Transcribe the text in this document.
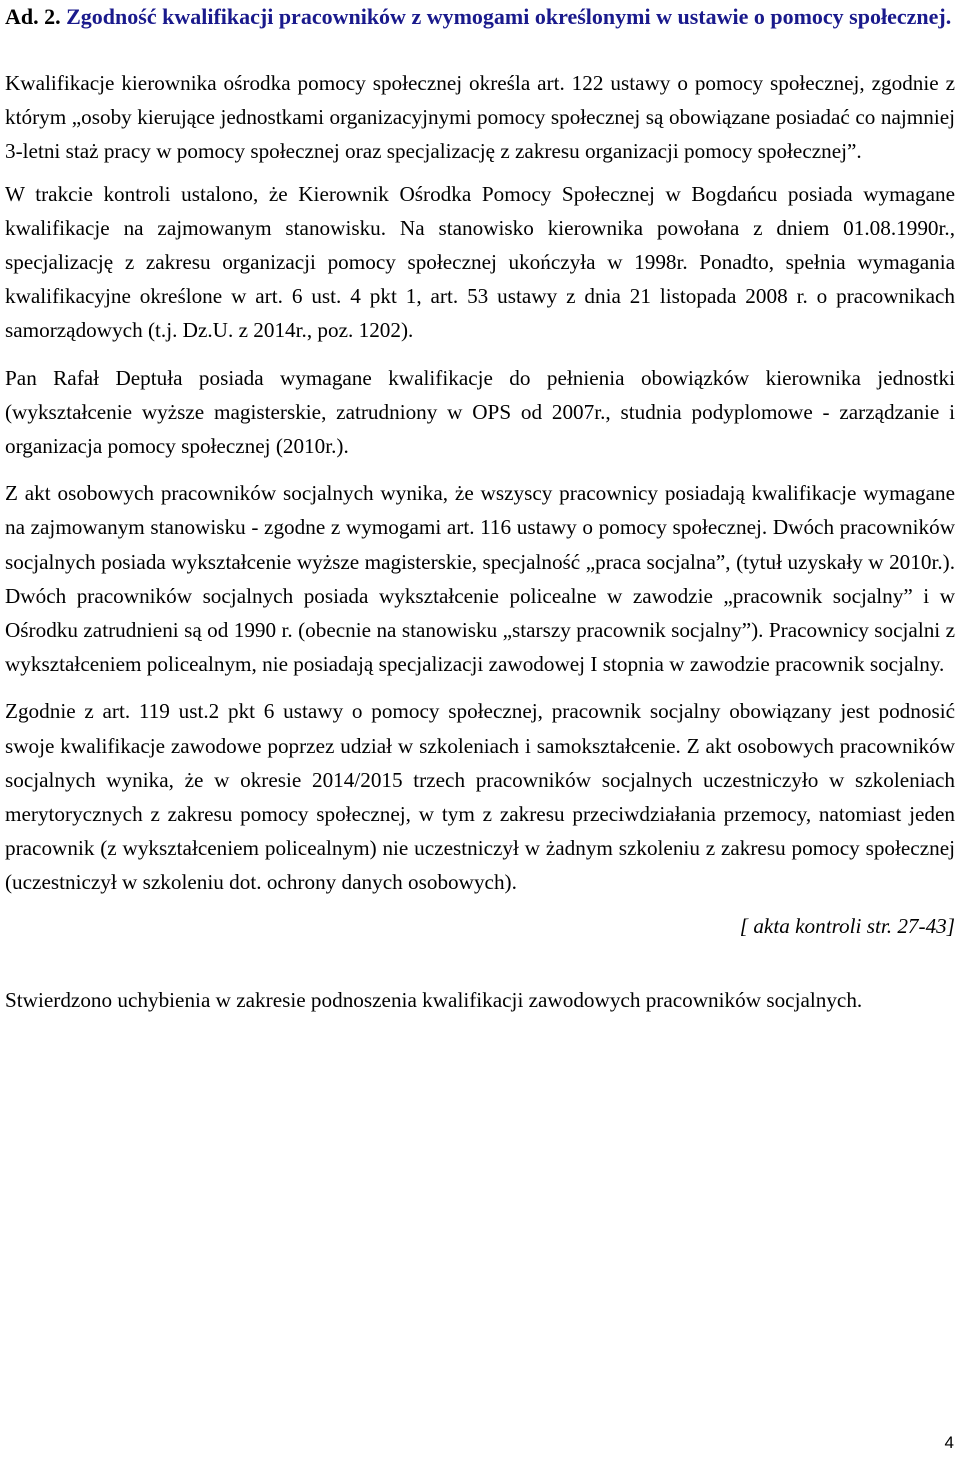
Ad. 2. Zgodność kwalifikacji pracowników z wymogami określonymi w ustawie o pomocy społecznej.

Kwalifikacje kierownika ośrodka pomocy społecznej określa art. 122 ustawy o pomocy społecznej, zgodnie z którym „osoby kierujące jednostkami organizacyjnymi pomocy społecznej są obowiązane posiadać co najmniej 3-letni staż pracy w pomocy społecznej oraz specjalizację z zakresu organizacji pomocy społecznej”.

W trakcie kontroli ustalono, że Kierownik Ośrodka Pomocy Społecznej w Bogdańcu posiada wymagane kwalifikacje na zajmowanym stanowisku. Na stanowisko kierownika powołana z dniem 01.08.1990r., specjalizację z zakresu organizacji pomocy społecznej ukończyła w 1998r. Ponadto, spełnia wymagania kwalifikacyjne określone w art. 6 ust. 4 pkt 1, art. 53 ustawy z dnia 21 listopada 2008 r. o pracownikach samorządowych (t.j. Dz.U. z 2014r., poz. 1202).

Pan Rafał Deptuła posiada wymagane kwalifikacje do pełnienia obowiązków kierownika jednostki (wykształcenie wyższe magisterskie, zatrudniony w OPS od 2007r., studnia podyplomowe - zarządzanie i organizacja pomocy społecznej (2010r.).

Z akt osobowych pracowników socjalnych wynika, że wszyscy pracownicy posiadają kwalifikacje wymagane na zajmowanym stanowisku - zgodne z wymogami art. 116 ustawy o pomocy społecznej. Dwóch pracowników socjalnych posiada wykształcenie wyższe magisterskie, specjalność „praca socjalna”, (tytuł uzyskały w 2010r.). Dwóch pracowników socjalnych posiada wykształcenie policealne w zawodzie „pracownik socjalny” i w Ośrodku zatrudnieni są od 1990 r. (obecnie na stanowisku „starszy pracownik socjalny”). Pracownicy socjalni z wykształceniem policealnym, nie posiadają specjalizacji zawodowej I stopnia w zawodzie pracownik socjalny.

Zgodnie z art. 119 ust.2 pkt 6 ustawy o pomocy społecznej, pracownik socjalny obowiązany jest podnosić swoje kwalifikacje zawodowe poprzez udział w szkoleniach i samokształcenie. Z akt osobowych pracowników socjalnych wynika, że w okresie 2014/2015 trzech pracowników socjalnych uczestniczyło w szkoleniach merytorycznych z zakresu pomocy społecznej, w tym z zakresu przeciwdziałania przemocy, natomiast jeden pracownik (z wykształceniem policealnym) nie uczestniczył w żadnym szkoleniu z zakresu pomocy społecznej (uczestniczył w szkoleniu dot. ochrony danych osobowych).

[ akta kontroli str. 27-43]

Stwierdzono uchybienia w zakresie podnoszenia kwalifikacji zawodowych pracowników socjalnych.

4
